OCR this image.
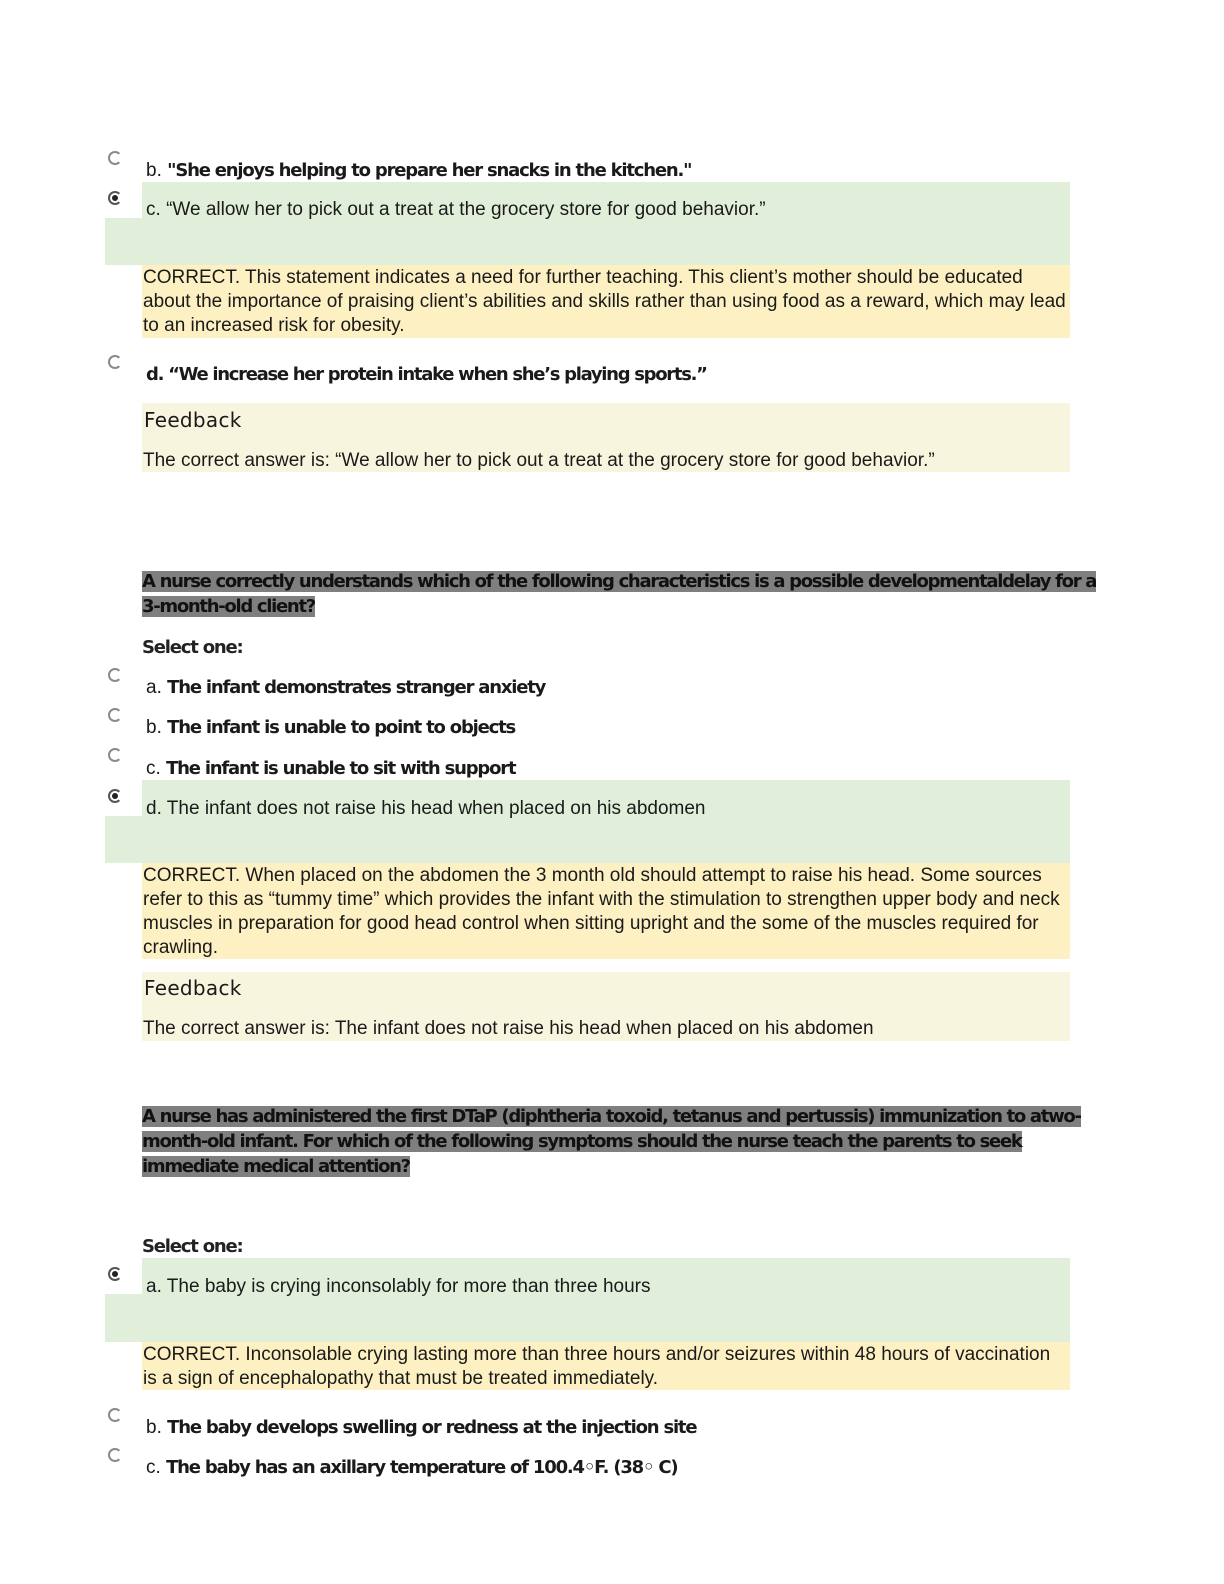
b. "She enjoys helping to prepare her snacks in the kitchen."
c. “We allow her to pick out a treat at the grocery store for good behavior.”
CORRECT. This statement indicates a need for further teaching. This client’s mother should be educated about the importance of praising client’s abilities and skills rather than using food as a reward, which may lead to an increased risk for obesity.
d. “We increase her protein intake when she’s playing sports.”
Feedback
The correct answer is: “We allow her to pick out a treat at the grocery store for good behavior.”
A nurse correctly understands which of the following characteristics is a possible developmentaldelay for a
3-month-old client?
Select one:
a. The infant demonstrates stranger anxiety
b. The infant is unable to point to objects
c. The infant is unable to sit with support
d. The infant does not raise his head when placed on his abdomen
CORRECT. When placed on the abdomen the 3 month old should attempt to raise his head. Some sources refer to this as “tummy time” which provides the infant with the stimulation to strengthen upper body and neck muscles in preparation for good head control when sitting upright and the some of the muscles required for crawling.
Feedback
The correct answer is: The infant does not raise his head when placed on his abdomen
A nurse has administered the first DTaP (diphtheria toxoid, tetanus and pertussis) immunization to atwo-
month-old infant. For which of the following symptoms should the nurse teach the parents to seek
immediate medical attention?
Select one:
a. The baby is crying inconsolably for more than three hours
CORRECT. Inconsolable crying lasting more than three hours and/or seizures within 48 hours of vaccination is a sign of encephalopathy that must be treated immediately.
b. The baby develops swelling or redness at the injection site
c. The baby has an axillary temperature of 100.4◦F. (38◦ C)
